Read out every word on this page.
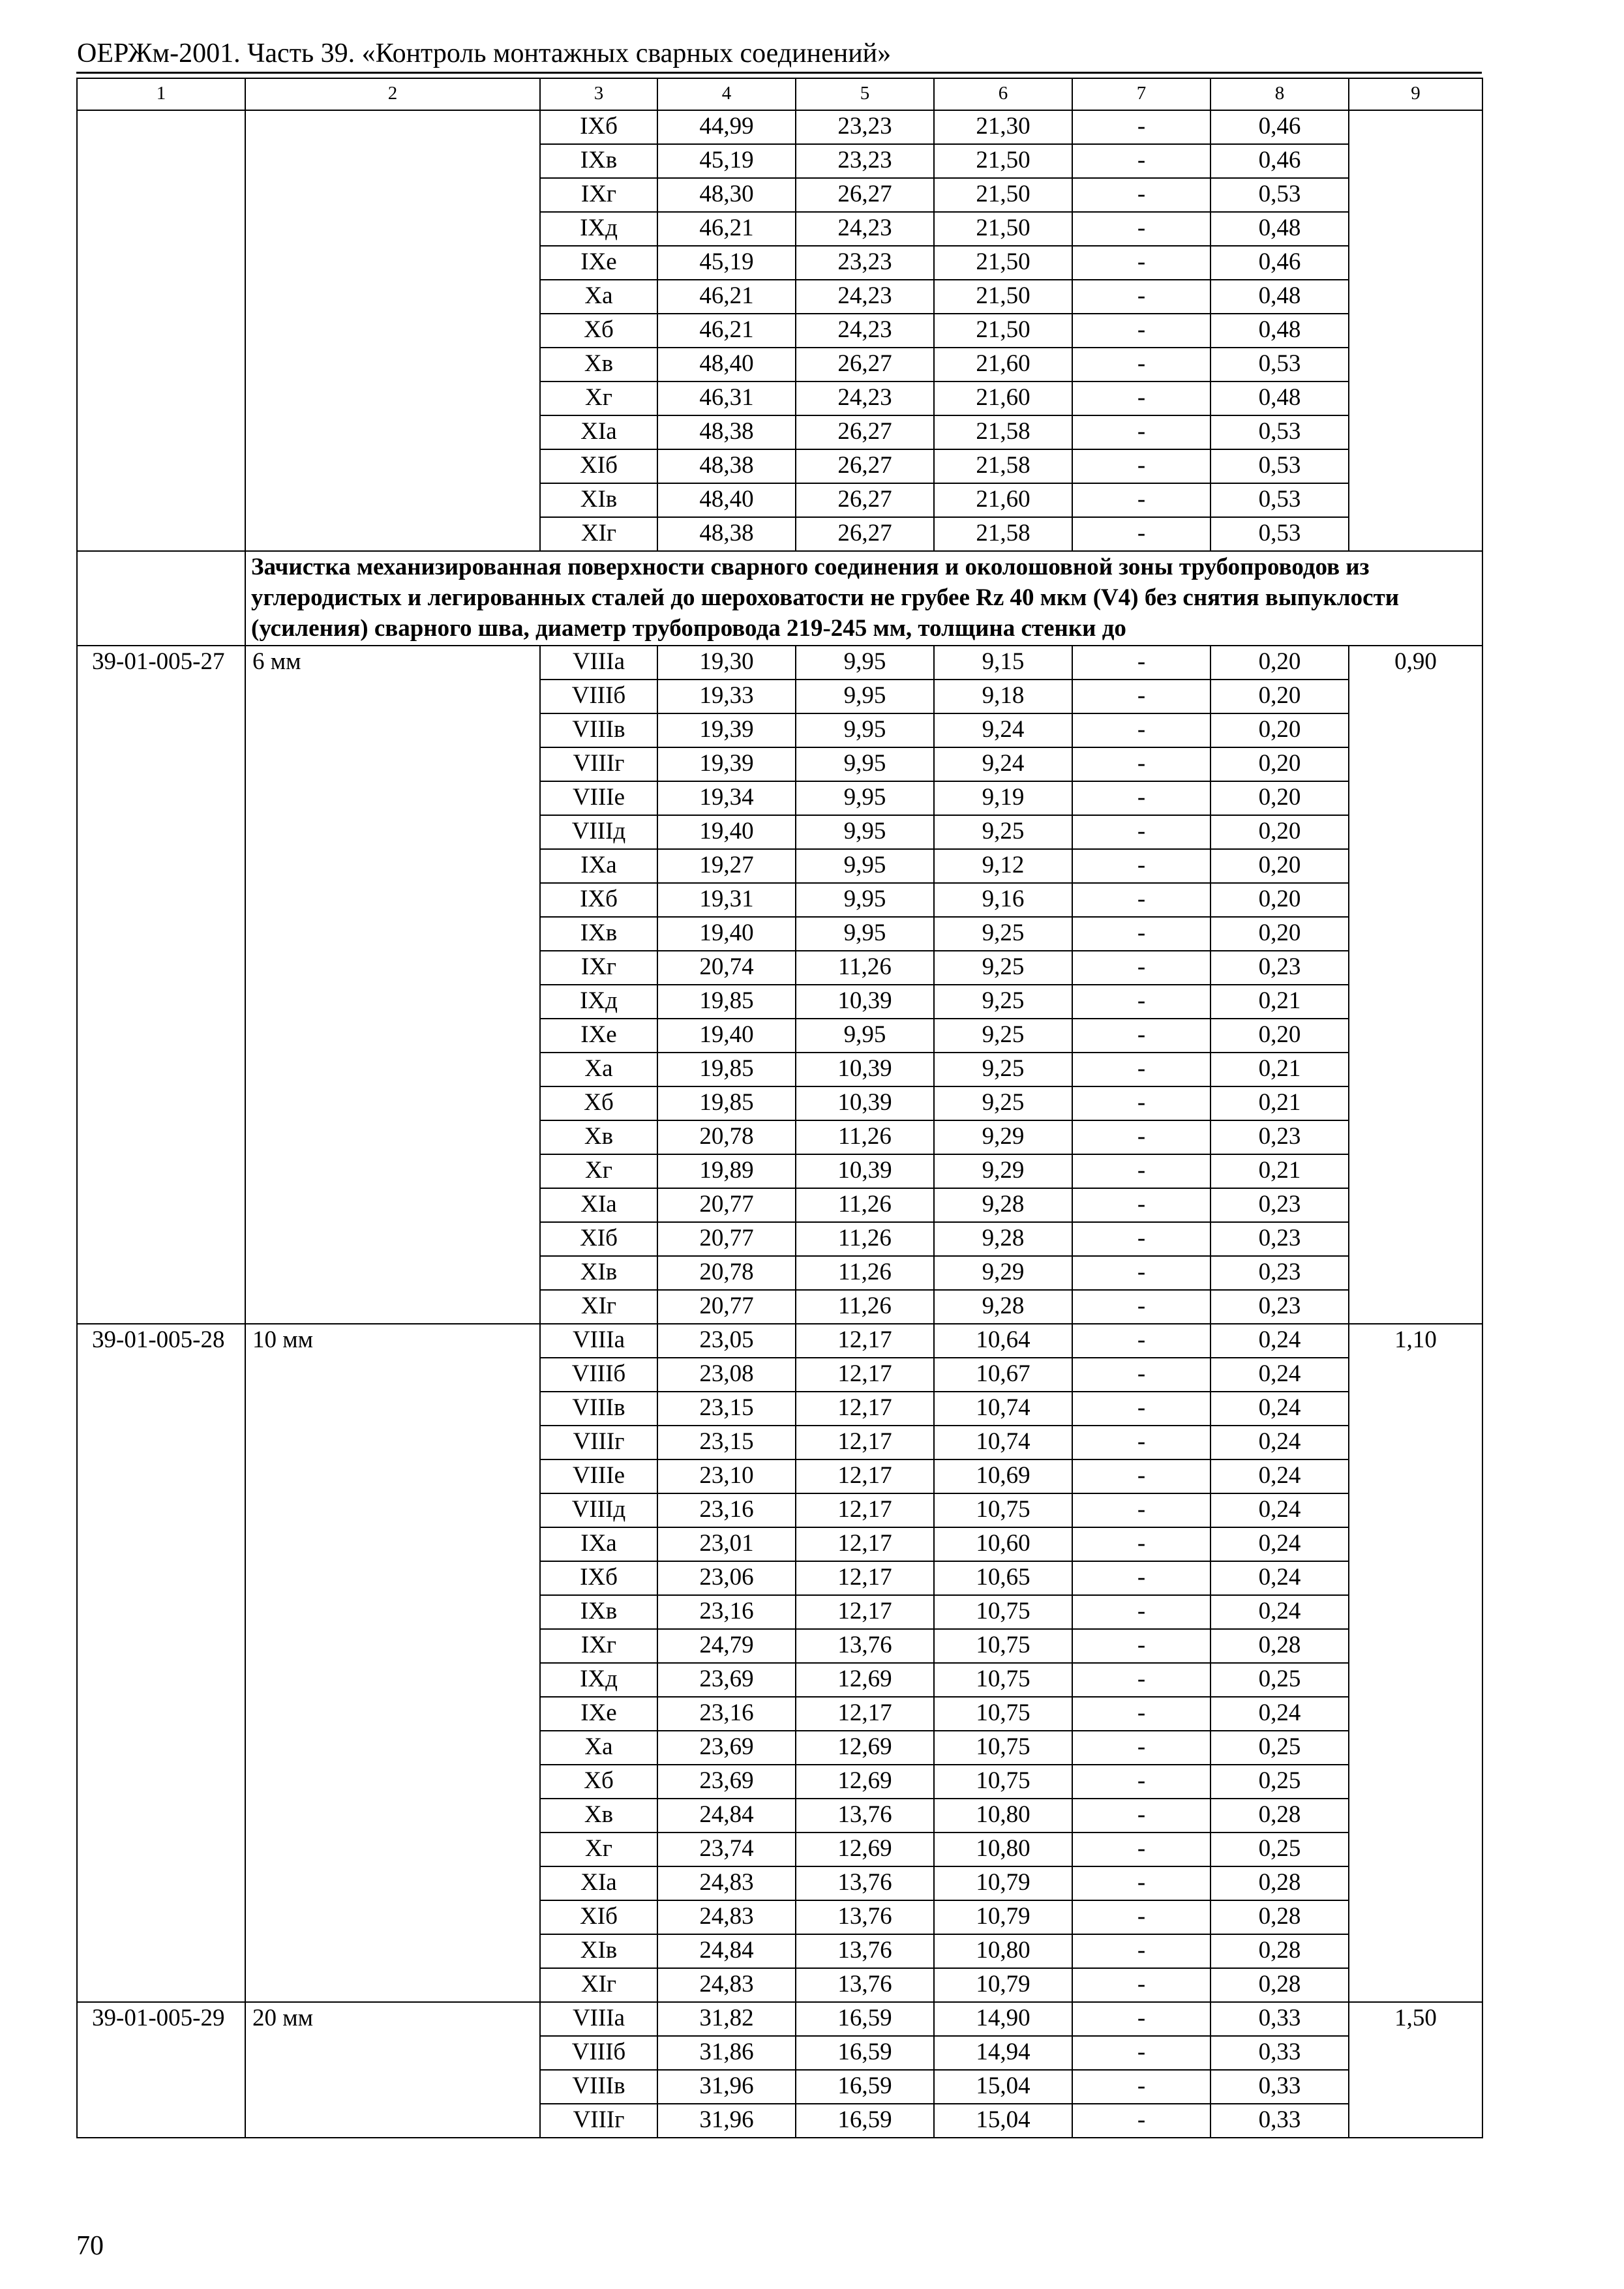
ОЕРЖм-2001. Часть 39. «Контроль монтажных сварных соединений»
1	2	3	4	5	6	7	8	9
		IXб	44,99	23,23	21,30	-	0,46	
		IXв	45,19	23,23	21,50	-	0,46	
		IXг	48,30	26,27	21,50	-	0,53	
		IXд	46,21	24,23	21,50	-	0,48	
		IXе	45,19	23,23	21,50	-	0,46	
		Xa	46,21	24,23	21,50	-	0,48	
		Xб	46,21	24,23	21,50	-	0,48	
		Xв	48,40	26,27	21,60	-	0,53	
		Xг	46,31	24,23	21,60	-	0,48	
		XIa	48,38	26,27	21,58	-	0,53	
		XIб	48,38	26,27	21,58	-	0,53	
		XIв	48,40	26,27	21,60	-	0,53	
		XIг	48,38	26,27	21,58	-	0,53	
	Зачистка механизированная поверхности сварного соединения и околошовной зоны трубопроводов из углеродистых и легированных сталей до шероховатости не грубее Rz 40 мкм (V4) без снятия выпуклости (усиления) сварного шва, диаметр трубопровода 219-245 мм, толщина стенки до							
39-01-005-27	6 мм	VIIIa	19,30	9,95	9,15	-	0,20	0,90
		VIIIб	19,33	9,95	9,18	-	0,20	
		VIIIв	19,39	9,95	9,24	-	0,20	
		VIIIг	19,39	9,95	9,24	-	0,20	
		VIIIе	19,34	9,95	9,19	-	0,20	
		VIIIд	19,40	9,95	9,25	-	0,20	
		IXa	19,27	9,95	9,12	-	0,20	
		IXб	19,31	9,95	9,16	-	0,20	
		IXв	19,40	9,95	9,25	-	0,20	
		IXг	20,74	11,26	9,25	-	0,23	
		IXд	19,85	10,39	9,25	-	0,21	
		IXе	19,40	9,95	9,25	-	0,20	
		Xa	19,85	10,39	9,25	-	0,21	
		Xб	19,85	10,39	9,25	-	0,21	
		Xв	20,78	11,26	9,29	-	0,23	
		Xг	19,89	10,39	9,29	-	0,21	
		XIa	20,77	11,26	9,28	-	0,23	
		XIб	20,77	11,26	9,28	-	0,23	
		XIв	20,78	11,26	9,29	-	0,23	
		XIг	20,77	11,26	9,28	-	0,23	
39-01-005-28	10 мм	VIIIa	23,05	12,17	10,64	-	0,24	1,10
		VIIIб	23,08	12,17	10,67	-	0,24	
		VIIIв	23,15	12,17	10,74	-	0,24	
		VIIIг	23,15	12,17	10,74	-	0,24	
		VIIIе	23,10	12,17	10,69	-	0,24	
		VIIIд	23,16	12,17	10,75	-	0,24	
		IXa	23,01	12,17	10,60	-	0,24	
		IXб	23,06	12,17	10,65	-	0,24	
		IXв	23,16	12,17	10,75	-	0,24	
		IXг	24,79	13,76	10,75	-	0,28	
		IXд	23,69	12,69	10,75	-	0,25	
		IXе	23,16	12,17	10,75	-	0,24	
		Xa	23,69	12,69	10,75	-	0,25	
		Xб	23,69	12,69	10,75	-	0,25	
		Xв	24,84	13,76	10,80	-	0,28	
		Xг	23,74	12,69	10,80	-	0,25	
		XIa	24,83	13,76	10,79	-	0,28	
		XIб	24,83	13,76	10,79	-	0,28	
		XIв	24,84	13,76	10,80	-	0,28	
		XIг	24,83	13,76	10,79	-	0,28	
39-01-005-29	20 мм	VIIIa	31,82	16,59	14,90	-	0,33	1,50
		VIIIб	31,86	16,59	14,94	-	0,33	
		VIIIв	31,96	16,59	15,04	-	0,33	
		VIIIг	31,96	16,59	15,04	-	0,33	
70
